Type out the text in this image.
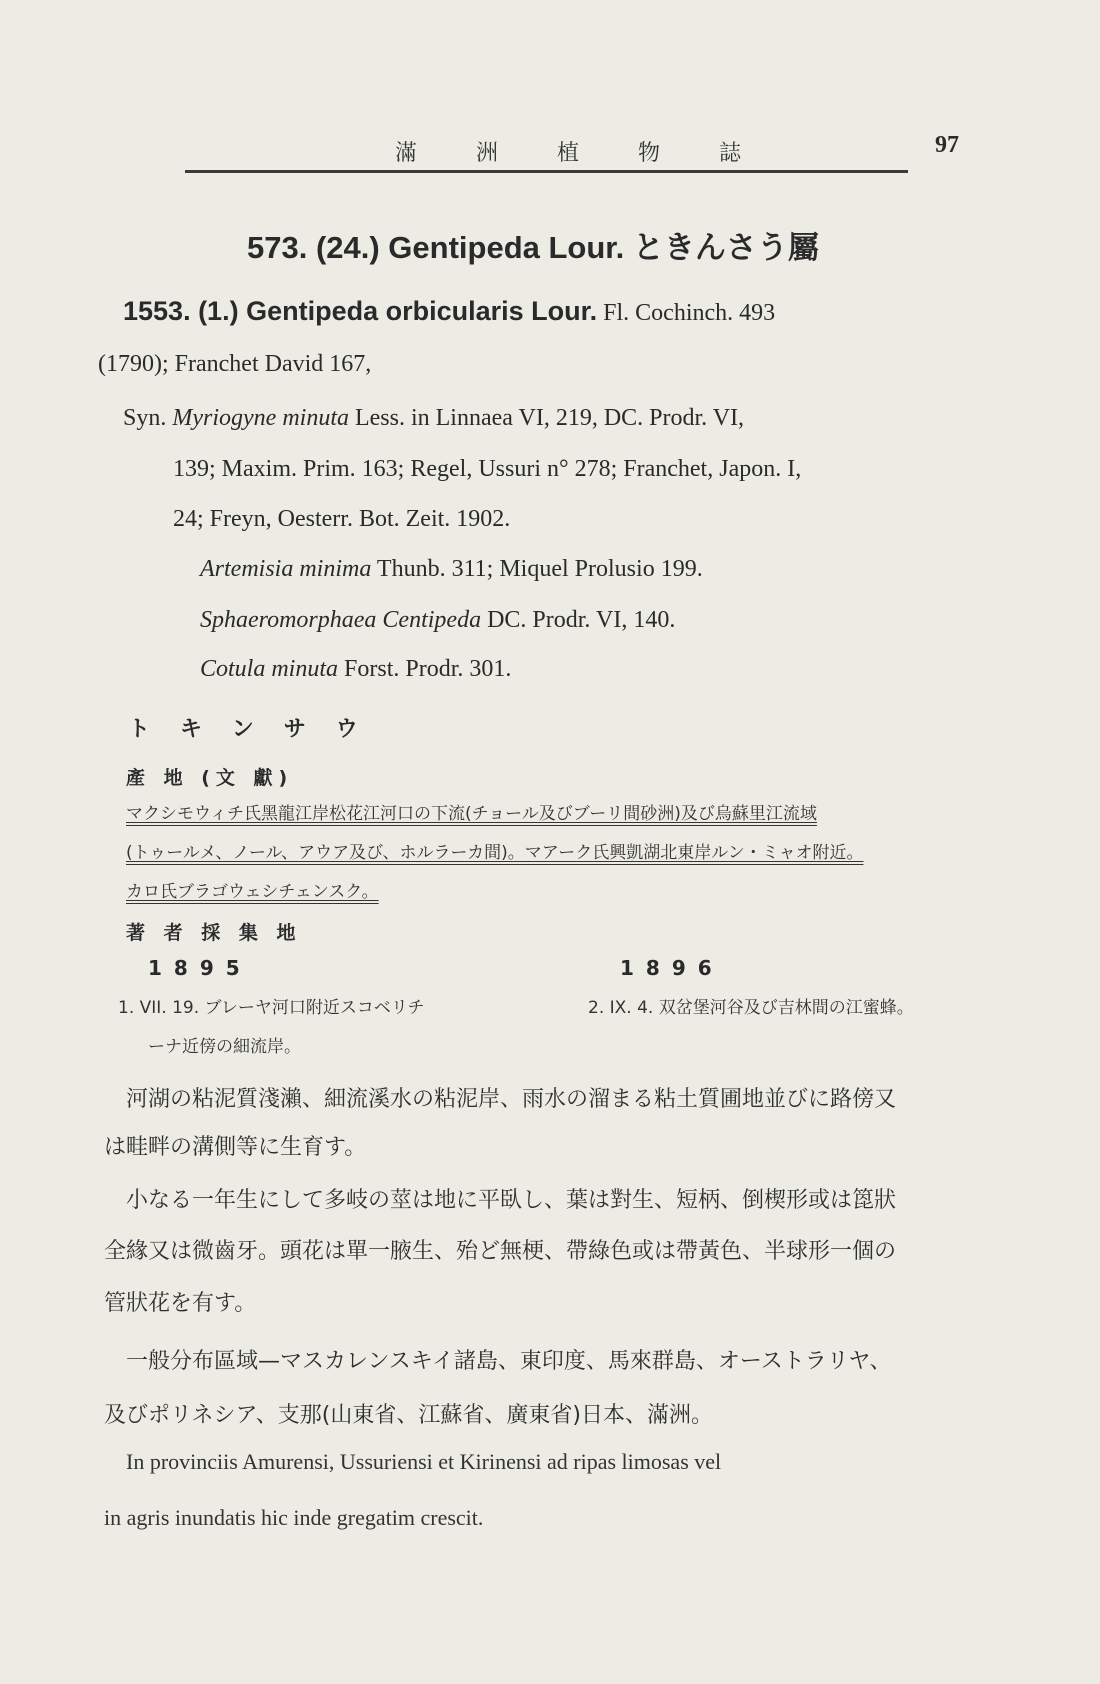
滿 洲 植 物 誌	97
573. (24.) Gentipeda Lour. ときんさう屬
1553. (1.) Gentipeda orbicularis Lour. Fl. Cochinch. 493
(1790); Franchet David 167,
Syn. Myriogyne minuta Less. in Linnaea VI, 219, DC. Prodr. VI,
139; Maxim. Prim. 163; Regel, Ussuri n° 278; Franchet, Japon. I,
24; Freyn, Oesterr. Bot. Zeit. 1902.
Artemisia minima Thunb. 311; Miquel Prolusio 199.
Sphaeromorphaea Centipeda DC. Prodr. VI, 140.
Cotula minuta Forst. Prodr. 301.
トキンサウ
產 地 (文 獻)
マクシモウィチ氏黑龍江岸松花江河口の下流(チョール及びブーリ間砂洲)及び烏蘇里江流域
(トゥールメ、ノール、アウア及び、ホルラーカ間)。マアーク氏興凱湖北東岸ルン・ミャオ附近。
カロ氏ブラゴウェシチェンスク。
著 者 採 集 地
1895	1896
1. VII. 19. ブレーヤ河口附近スコベリチ
ーナ近傍の細流岸。
2. IX. 4. 双岔堡河谷及び吉林間の江蜜蜂。
河湖の粘泥質淺瀨、細流溪水の粘泥岸、雨水の溜まる粘土質圃地並びに路傍又
は畦畔の溝側等に生育す。
小なる一年生にして多岐の莖は地に平臥し、葉は對生、短柄、倒楔形或は箆狀
全緣又は微齒牙。頭花は單一腋生、殆ど無梗、帶綠色或は帶黃色、半球形一個の
管狀花を有す。
一般分布區域—マスカレンスキイ諸島、東印度、馬來群島、オーストラリヤ、
及びポリネシア、支那(山東省、江蘇省、廣東省)日本、滿洲。
In provinciis Amurensi, Ussuriensi et Kirinensi ad ripas limosas vel
in agris inundatis hic inde gregatim crescit.
